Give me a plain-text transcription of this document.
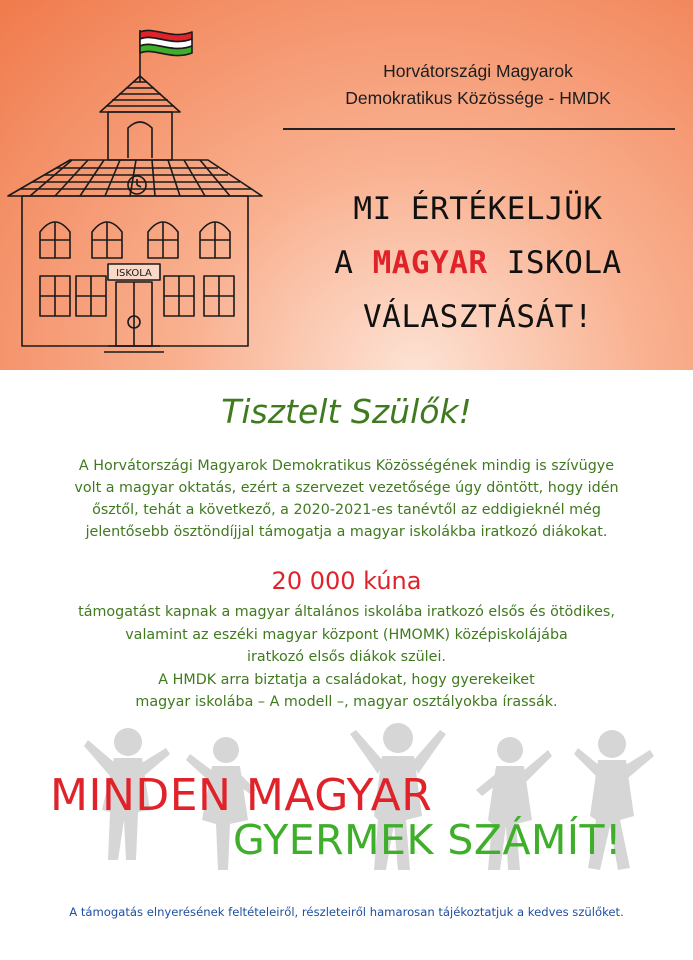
ISKOLA
Horvátországi Magyarok
Demokratikus Közössége - HMDK
MI ÉRTÉKELJÜK
A MAGYAR ISKOLA
VÁLASZTÁSÁT!
Tisztelt Szülők!
A Horvátországi Magyarok Demokratikus Közösségének mindig is szívügye
volt a magyar oktatás, ezért a szervezet vezetősége úgy döntött, hogy idén
ősztől, tehát a következő, a 2020-2021-es tanévtől az eddigieknél még
jelentősebb ösztöndíjjal támogatja a magyar iskolákba iratkozó diákokat.
20 000 kúna
támogatást kapnak a magyar általános iskolába iratkozó elsős és ötödikes,
valamint az eszéki magyar központ (HMOMK) középiskolájába
iratkozó elsős diákok szülei.
A HMDK arra biztatja a családokat, hogy gyerekeiket
magyar iskolába – A modell –, magyar osztályokba írassák.
MINDEN MAGYAR
GYERMEK SZÁMÍT!
A támogatás elnyerésének feltételeiről, részleteiről hamarosan tájékoztatjuk a kedves szülőket.
